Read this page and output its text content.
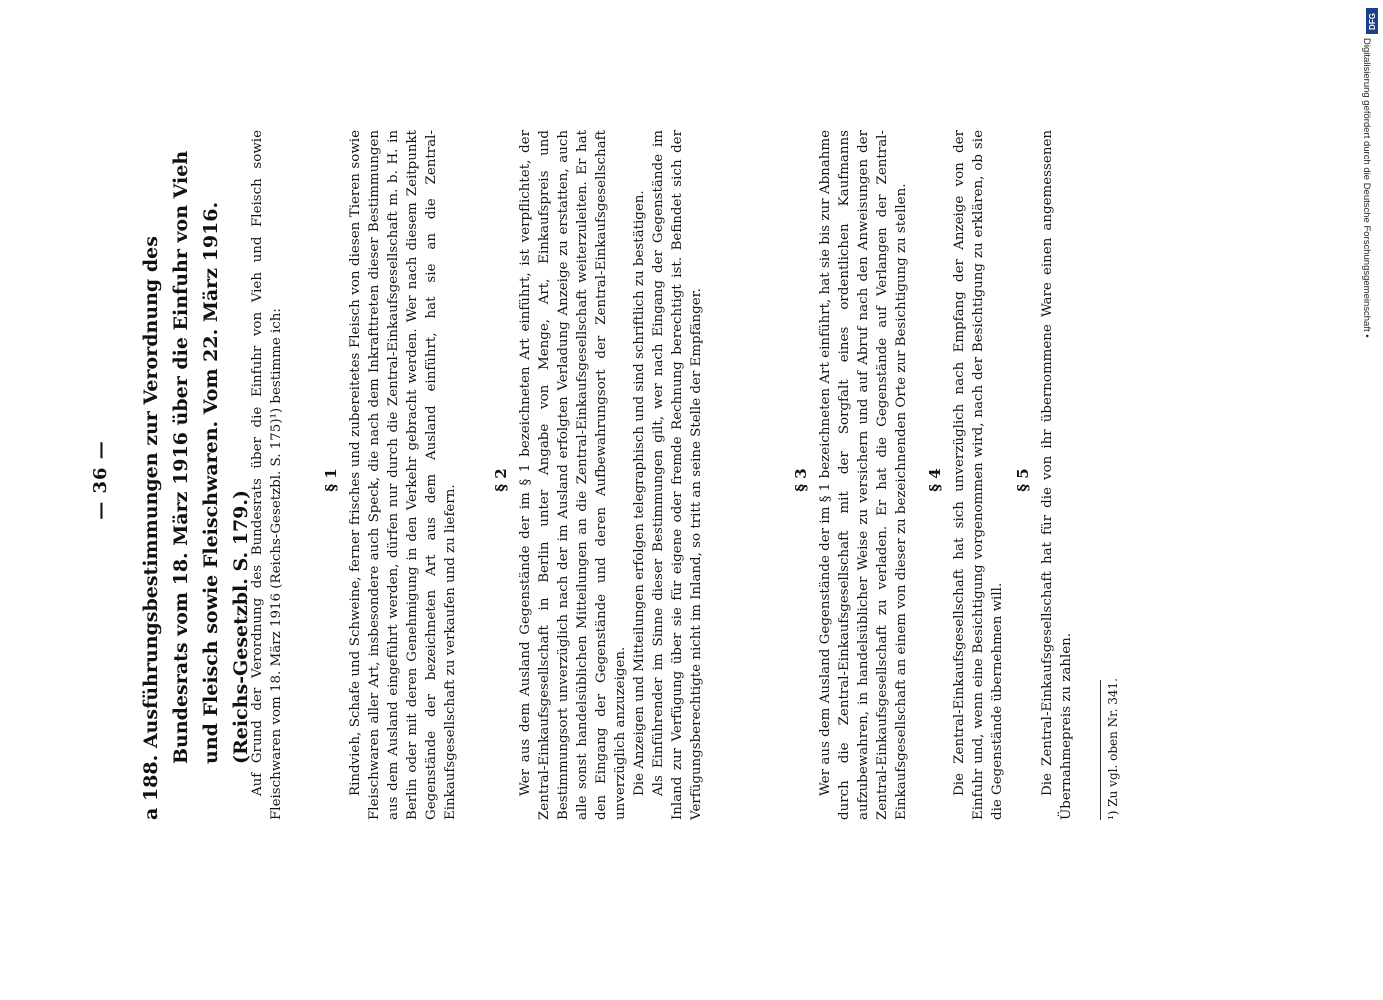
— 36 — a 188. Ausführungsbestimmungen zur Verordnung des Bundesrats vom 18. März 1916 über die Einfuhr von Vieh und Fleisch sowie Fleischwaren. Vom 22. März 1916. (Reichs-Gesetzbl. S. 179.)

Auf Grund der Verordnung des Bundesrats über die Einfuhr von Vieh und Fleisch sowie Fleischwaren vom 18. März 1916 (Reichs-Gesetzbl. S. 175)¹) bestimme ich:	§ 1 Rindvieh, Schafe und Schweine, ferner frisches und zubereitetes Fleisch von diesen Tieren sowie Fleischwaren aller Art, insbesondere auch Speck, die nach dem Inkrafttreten dieser Bestimmungen aus dem Ausland eingeführt werden, dürfen nur durch die Zentral-Einkaufsgesellschaft m. b. H. in Berlin oder mit deren Genehmigung in den Verkehr gebracht werden. Wer nach diesem Zeitpunkt Gegenstände der bezeichneten Art aus dem Ausland einführt, hat sie an die Zentral-Einkaufsgesellschaft zu verkaufen und zu liefern.

§ 2 Wer aus dem Ausland Gegenstände der im § 1 bezeichneten Art einführt, ist verpflichtet, der Zentral-Einkaufsgesellschaft in Berlin unter Angabe von Menge, Art, Einkaufspreis und Bestimmungsort unverzüglich nach der im Ausland erfolgten Verladung Anzeige zu erstatten, auch alle sonst handelsüblichen Mitteilungen an die Zentral-Einkaufsgesellschaft weiterzuleiten. Er hat den Eingang der Gegenstände und deren Aufbewahrungsort der Zentral-Einkaufsgesellschaft unverzüglich anzuzeigen. Die Anzeigen und Mitteilungen erfolgen telegraphisch und sind schriftlich zu bestätigen. Als Einführender im Sinne dieser Bestimmungen gilt, wer nach Eingang der Gegenstände im Inland zur Verfügung über sie für eigene oder fremde Rechnung berechtigt ist. Befindet sich der Verfügungsberechtigte nicht im Inland, so tritt an seine Stelle der Empfänger.	§ 3 Wer aus dem Ausland Gegenstände der im § 1 bezeichneten Art einführt, hat sie bis zur Abnahme durch die Zentral-Einkaufsgesellschaft mit der Sorgfalt eines ordentlichen Kaufmanns aufzubewahren, in handelsüblicher Weise zu versichern und auf Abruf nach den Anweisungen der Zentral-Einkaufsgesellschaft zu verladen. Er hat die Gegenstände auf Verlangen der Zentral-Einkaufsgesellschaft an einem von dieser zu bezeichnenden Orte zur Besichtigung zu stellen. § 4 Die Zentral-Einkaufsgesellschaft hat sich unverzüglich nach Empfang der Anzeige von der Einfuhr und, wenn eine Besichtigung vorgenommen wird, nach der Besichtigung zu erklären, ob sie die Gegenstände übernehmen will.

§ 5 Die Zentral-Einkaufsgesellschaft hat für die von ihr übernommene Ware einen angemessenen Übernahmepreis zu zahlen.	¹) Zu vgl. oben Nr. 341.
DFG
Digitalisierung gefördert durch die Deutsche Forschungsgemeinschaft •
